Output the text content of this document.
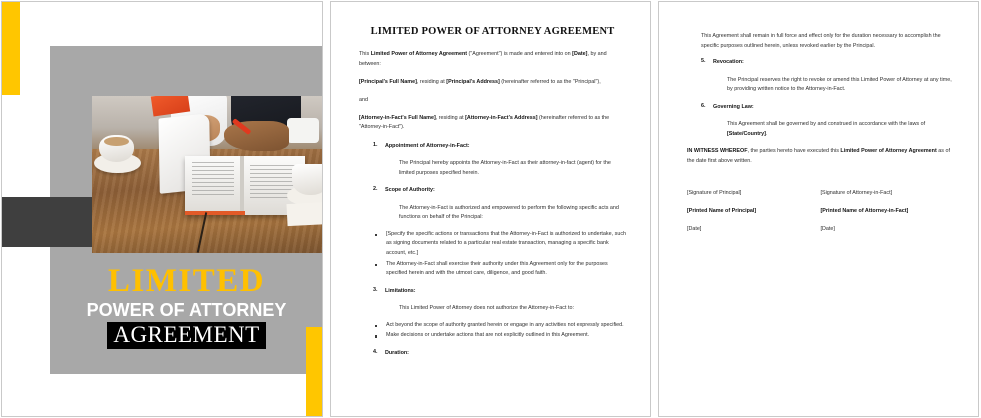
LIMITED
POWER OF ATTORNEY
AGREEMENT
LIMITED POWER OF ATTORNEY AGREEMENT
This Limited Power of Attorney Agreement ("Agreement") is made and entered into on [Date], by and between:
[Principal's Full Name], residing at [Principal's Address] (hereinafter referred to as the "Principal"),
and
[Attorney-in-Fact's Full Name], residing at [Attorney-in-Fact's Address] (hereinafter referred to as the "Attorney-in-Fact").
Appointment of Attorney-in-Fact:
The Principal hereby appoints the Attorney-in-Fact as their attorney-in-fact (agent) for the limited purposes specified herein.
Scope of Authority:
The Attorney-in-Fact is authorized and empowered to perform the following specific acts and functions on behalf of the Principal:
[Specify the specific actions or transactions that the Attorney-in-Fact is authorized to undertake, such as signing documents related to a particular real estate transaction, managing a specific bank account, etc.]
The Attorney-in-Fact shall exercise their authority under this Agreement only for the purposes specified herein and with the utmost care, diligence, and good faith.
Limitations:
This Limited Power of Attorney does not authorize the Attorney-in-Fact to:
Act beyond the scope of authority granted herein or engage in any activities not expressly specified.
Make decisions or undertake actions that are not explicitly outlined in this Agreement.
Duration:
This Agreement shall remain in full force and effect only for the duration necessary to accomplish the specific purposes outlined herein, unless revoked earlier by the Principal.
Revocation:
The Principal reserves the right to revoke or amend this Limited Power of Attorney at any time, by providing written notice to the Attorney-in-Fact.
Governing Law:
This Agreement shall be governed by and construed in accordance with the laws of [State/Country].
IN WITNESS WHEREOF, the parties hereto have executed this Limited Power of Attorney Agreement as of the date first above written.
[Signature of Principal]	[Signature of Attorney-in-Fact]
[Printed Name of Principal]	[Printed Name of Attorney-in-Fact]
[Date]	[Date]
